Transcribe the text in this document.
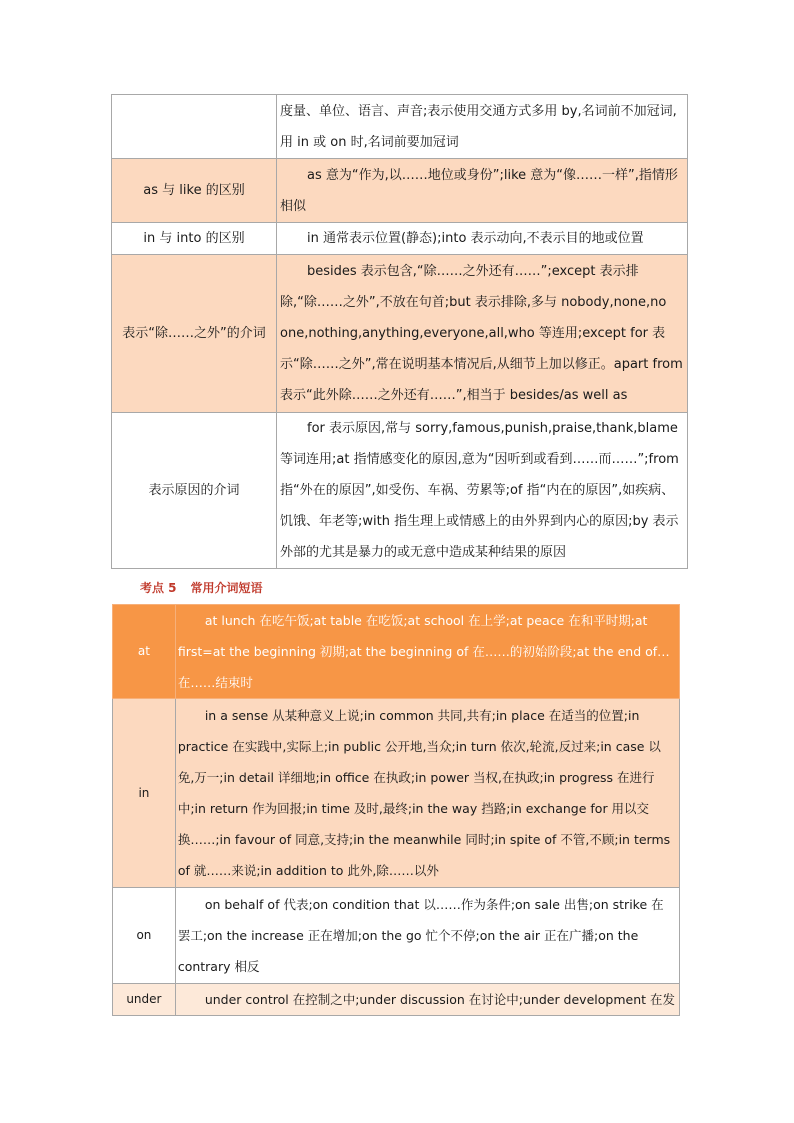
	度量、单位、语言、声音;表示使用交通方式多用 by,名词前不加冠词,用 in 或 on 时,名词前要加冠词
as 与 like 的区别	as 意为“作为,以……地位或身份”;like 意为“像……一样”,指情形相似
in 与 into 的区别	in 通常表示位置(静态);into 表示动向,不表示目的地或位置
表示“除……之外”的介词	besides 表示包含,“除……之外还有……”;except 表示排除,“除……之外”,不放在句首;but 表示排除,多与 nobody,none,no one,nothing,anything,everyone,all,who 等连用;except for 表示“除……之外”,常在说明基本情况后,从细节上加以修正。apart from 表示“此外除……之外还有……”,相当于 besides/as well as
表示原因的介词	for 表示原因,常与 sorry,famous,punish,praise,thank,blame 等词连用;at 指情感变化的原因,意为“因听到或看到……而……”;from 指“外在的原因”,如受伤、车祸、劳累等;of 指“内在的原因”,如疾病、饥饿、年老等;with 指生理上或情感上的由外界到内心的原因;by 表示外部的尤其是暴力的或无意中造成某种结果的原因
考点 5 常用介词短语
at	at lunch 在吃午饭;at table 在吃饭;at school 在上学;at peace 在和平时期;at first=at the beginning 初期;at the beginning of 在……的初始阶段;at the end of…在……结束时
in	in a sense 从某种意义上说;in common 共同,共有;in place 在适当的位置;in practice 在实践中,实际上;in public 公开地,当众;in turn 依次,轮流,反过来;in case 以免,万一;in detail 详细地;in office 在执政;in power 当权,在执政;in progress 在进行中;in return 作为回报;in time 及时,最终;in the way 挡路;in exchange for 用以交换……;in favour of 同意,支持;in the meanwhile 同时;in spite of 不管,不顾;in terms of 就……来说;in addition to 此外,除……以外
on	on behalf of 代表;on condition that 以……作为条件;on sale 出售;on strike 在罢工;on the increase 正在增加;on the go 忙个不停;on the air 正在广播;on the contrary 相反
under	under control 在控制之中;under discussion 在讨论中;under development 在发
